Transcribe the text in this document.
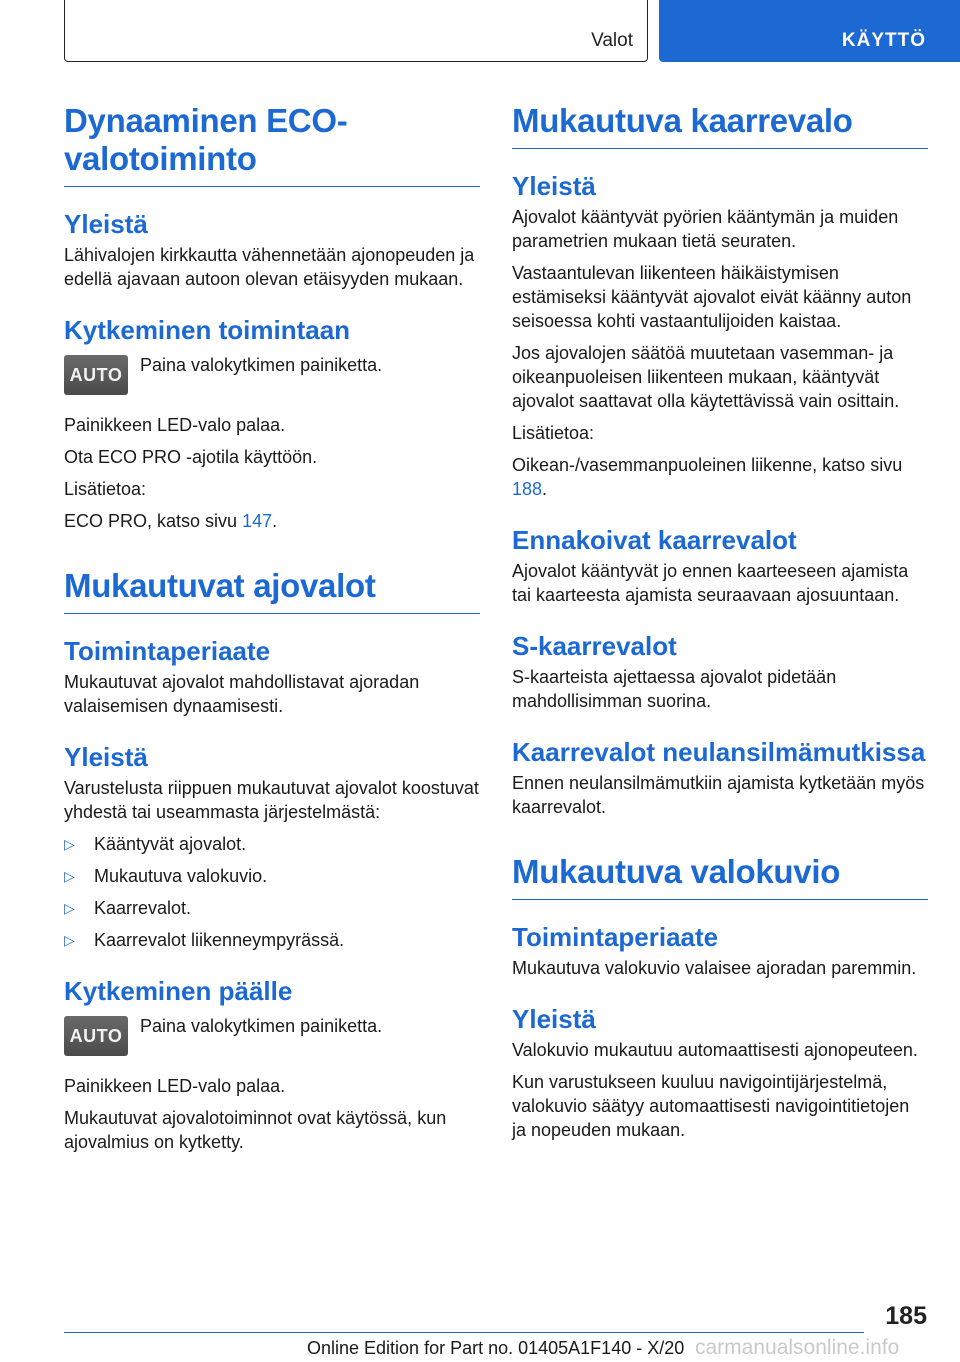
Valot	KÄYTTÖ
Dynaaminen ECO-valotoiminto
Yleistä

Lähivalojen kirkkautta vähennetään ajonopeuden ja edellä ajavaan autoon olevan etäisyyden mukaan.

Kytkeminen toimintaan
AUTO Paina valokytkimen painiketta.

Painikkeen LED-valo palaa.

Ota ECO PRO -ajotila käyttöön.

Lisätietoa:

ECO PRO, katso sivu 147.

Mukautuvat ajovalot
Toimintaperiaate

Mukautuvat ajovalot mahdollistavat ajoradan valaisemisen dynaamisesti.

Yleistä

Varustelusta riippuen mukautuvat ajovalot koostuvat yhdestä tai useammasta järjestelmästä:

▷ Kääntyvät ajovalot.
▷ Mukautuva valokuvio.
▷ Kaarrevalot.
▷ Kaarrevalot liikenneympyrässä.
Kytkeminen päälle
AUTO Paina valokytkimen painiketta.

Painikkeen LED-valo palaa.

Mukautuvat ajovalotoiminnot ovat käytössä, kun ajovalmius on kytketty.

Mukautuva kaarrevalo
Yleistä

Ajovalot kääntyvät pyörien kääntymän ja muiden parametrien mukaan tietä seuraten.

Vastaantulevan liikenteen häikäistymisen estämiseksi kääntyvät ajovalot eivät käänny auton seisoessa kohti vastaantulijoiden kaistaa.

Jos ajovalojen säätöä muutetaan vasemman- ja oikeanpuoleisen liikenteen mukaan, kääntyvät ajovalot saattavat olla käytettävissä vain osittain.

Lisätietoa:

Oikean-/vasemmanpuoleinen liikenne, katso sivu 188.

Ennakoivat kaarrevalot

Ajovalot kääntyvät jo ennen kaarteeseen ajamista tai kaarteesta ajamista seuraavaan ajosuuntaan.

S-kaarrevalot

S-kaarteista ajettaessa ajovalot pidetään mahdollisimman suorina.

Kaarrevalot neulansilmämutkissa

Ennen neulansilmämutkiin ajamista kytketään myös kaarrevalot.

Mukautuva valokuvio
Toimintaperiaate

Mukautuva valokuvio valaisee ajoradan paremmin.

Yleistä

Valokuvio mukautuu automaattisesti ajonopeuteen.

Kun varustukseen kuuluu navigointijärjestelmä, valokuvio säätyy automaattisesti navigointitietojen ja nopeuden mukaan.

185
Online Edition for Part no. 01405A1F140 - X/20 carmanualsonline.info
